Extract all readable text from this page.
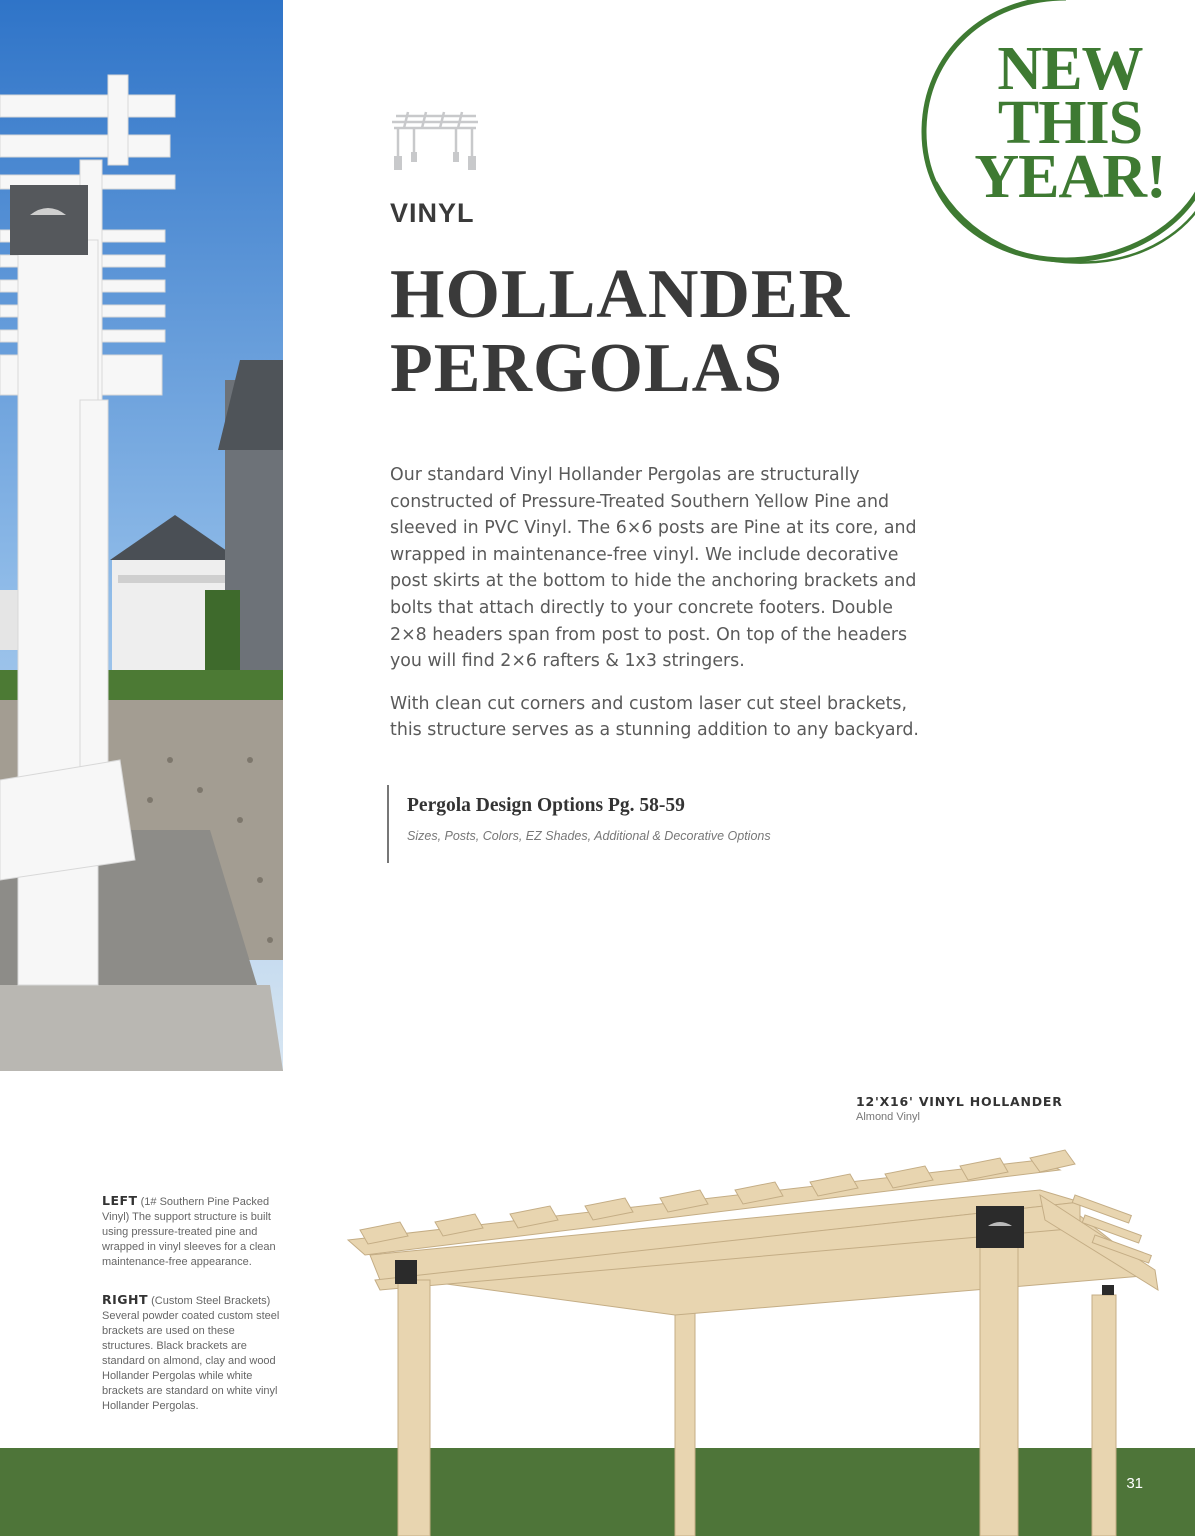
NEW
THIS
YEAR!
VINYL
HOLLANDER
PERGOLAS

Our standard Vinyl Hollander Pergolas are structurally constructed of Pressure-Treated Southern Yellow Pine and sleeved in PVC Vinyl. The 6×6 posts are Pine at its core, and wrapped in maintenance-free vinyl. We include decorative post skirts at the bottom to hide the anchoring brackets and bolts that attach directly to your concrete footers. Double 2×8 headers span from post to post. On top of the headers you will find 2×6 rafters & 1x3 stringers.

With clean cut corners and custom laser cut steel brackets, this structure serves as a stunning addition to any backyard.

Pergola Design Options Pg. 58-59
Sizes, Posts, Colors, EZ Shades, Additional & Decorative Options
12'X16' VINYL HOLLANDER
Almond Vinyl
LEFT (1# Southern Pine Packed Vinyl) The support structure is built using pressure-treated pine and wrapped in vinyl sleeves for a clean maintenance-free appearance.
RIGHT (Custom Steel Brackets) Several powder coated custom steel brackets are used on these structures. Black brackets are standard on almond, clay and wood Hollander Pergolas while white brackets are standard on white vinyl Hollander Pergolas.
31
